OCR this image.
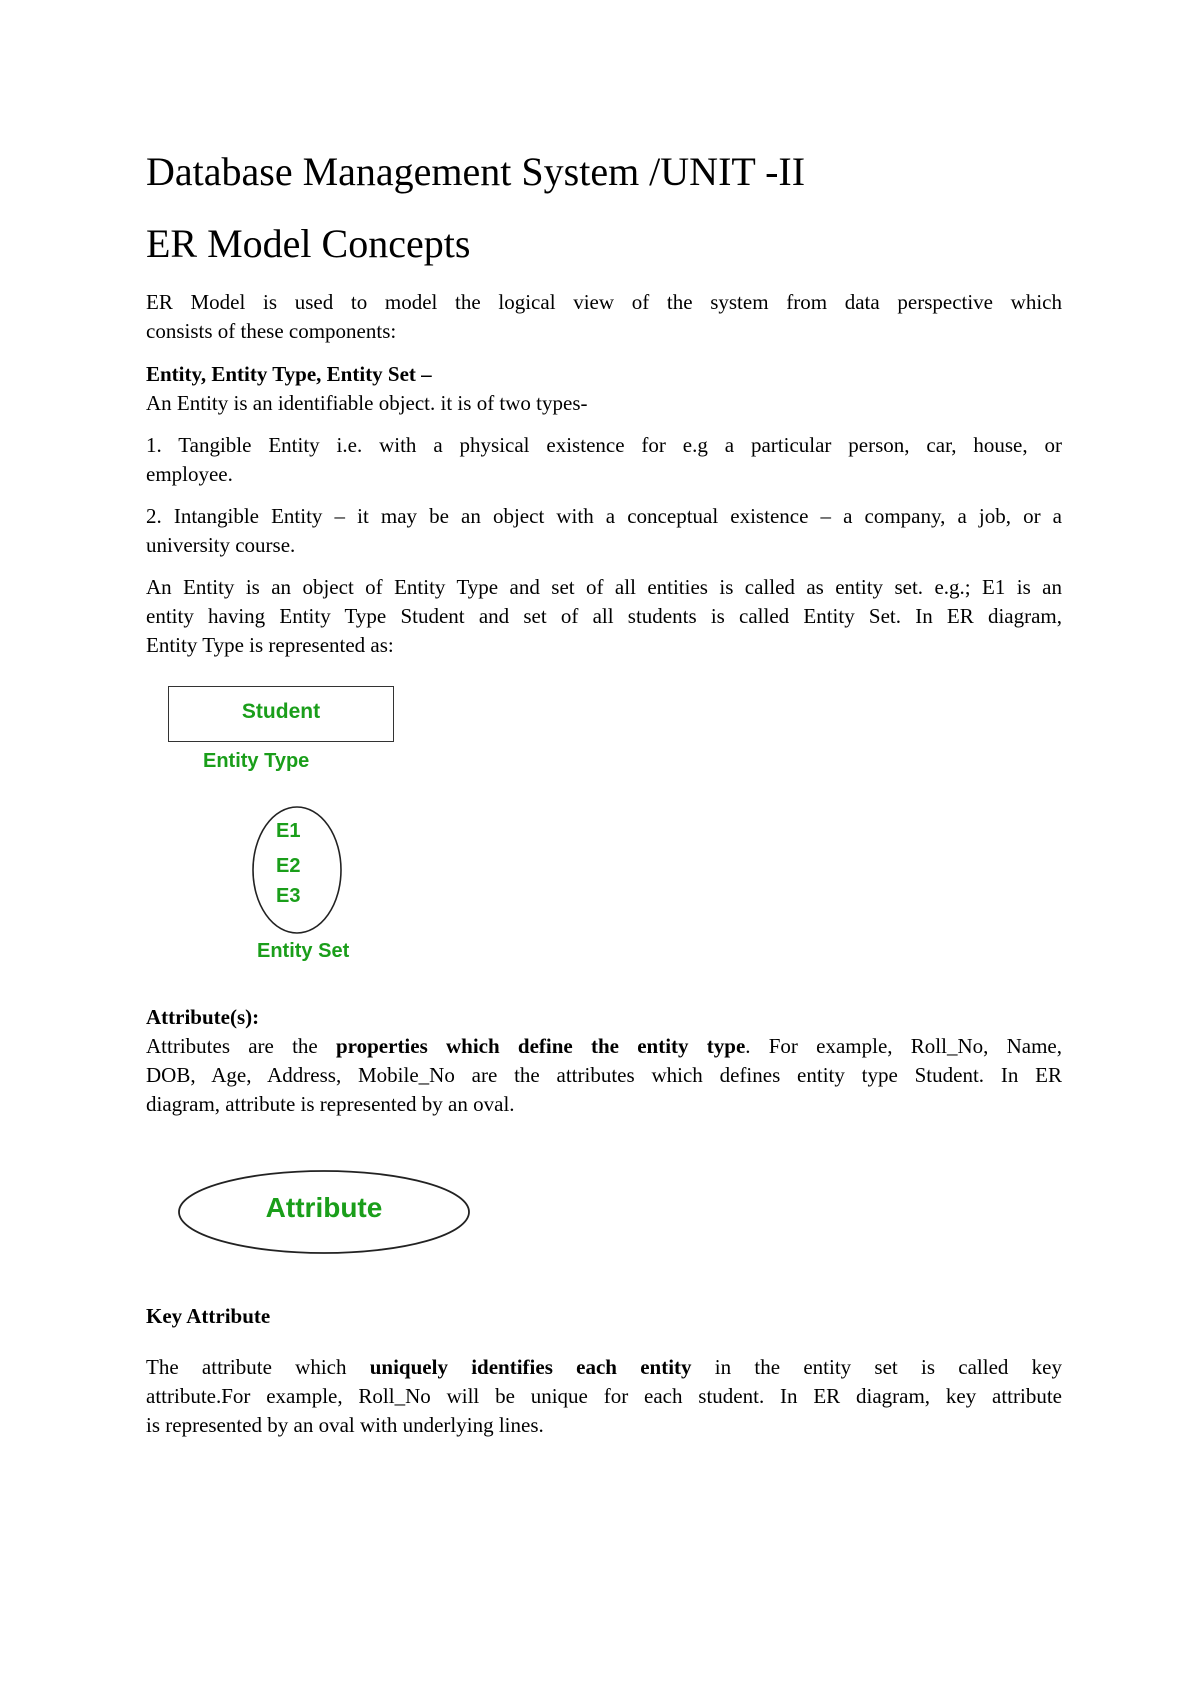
Database Management System /UNIT -II
ER Model Concepts
ER Model is used to model the logical view of the system from data perspective which
consists of these components:
Entity, Entity Type, Entity Set –
An Entity is an identifiable object. it is of two types-
1. Tangible Entity i.e. with a physical existence for e.g a particular person, car, house, or
employee.
2. Intangible Entity – it may be an object with a conceptual existence – a company, a job, or a
university course.
An Entity is an object of Entity Type and set of all entities is called as entity set. e.g.; E1 is an
entity having Entity Type Student and set of all students is called Entity Set. In ER diagram,
Entity Type is represented as:
Student
Entity Type
E1
E2
E3
Entity Set
Attribute(s):
Attributes are the properties which define the entity type. For example, Roll_No, Name,
DOB, Age, Address, Mobile_No are the attributes which defines entity type Student. In ER
diagram, attribute is represented by an oval.
Attribute
Key Attribute
The attribute which uniquely identifies each entity in the entity set is called key
attribute.For example, Roll_No will be unique for each student. In ER diagram, key attribute
is represented by an oval with underlying lines.
